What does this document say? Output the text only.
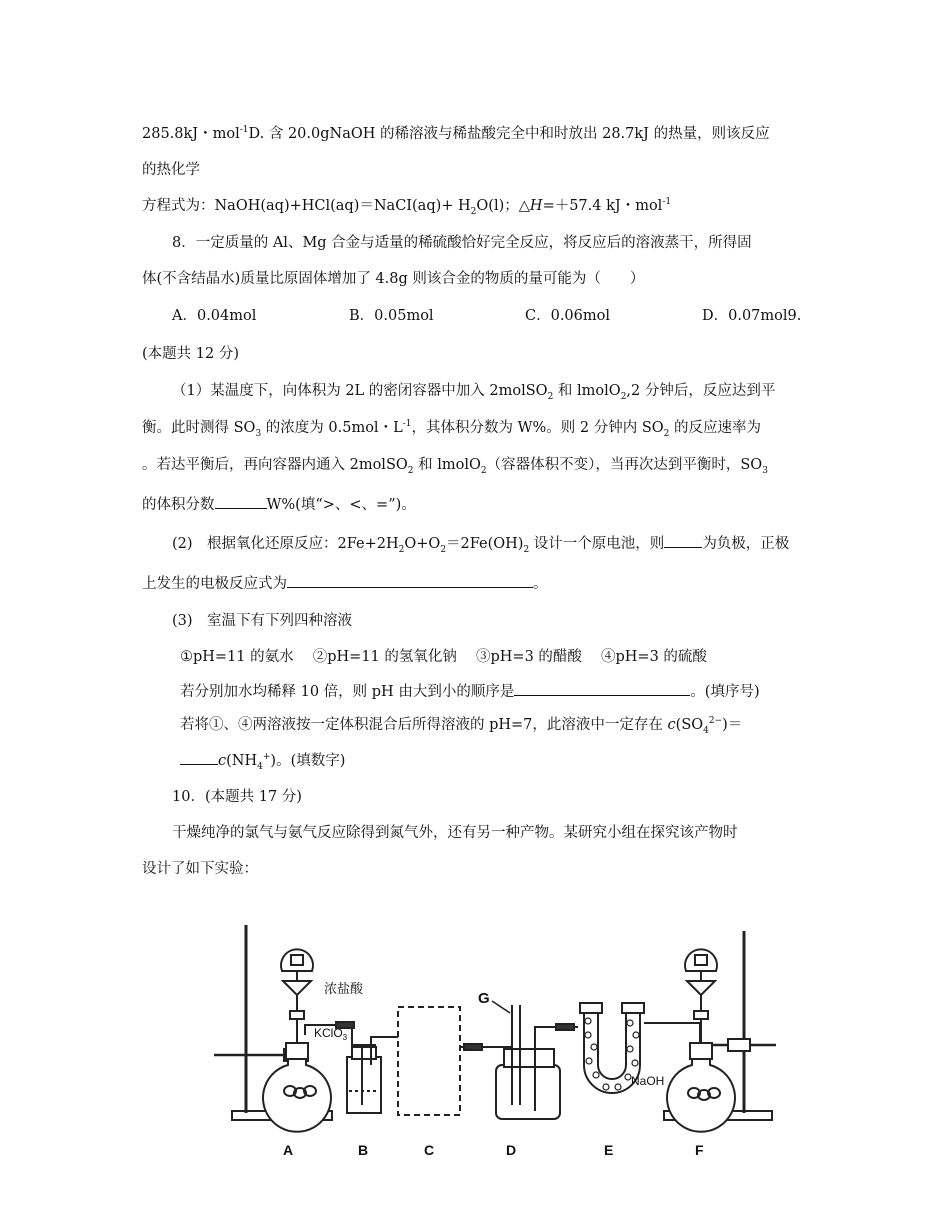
285.8kJ・mol$^{-1}$D. 含 20.0gNaOH 的稀溶液与稀盐酸完全中和时放出 28.7kJ 的热量，则该反应
的热化学
方程式为：NaOH(aq)+HCl(aq)＝NaCI(aq)+ $H_2O(l)$；△H=＋57.4 kJ・mol$^{-1}$
8．一定质量的 Al、Mg 合金与适量的稀硫酸恰好完全反应，将反应后的溶液蒸干，所得固
体(不含结晶水)质量比原固体增加了 4.8g 则该合金的物质的量可能为（　　）
A．0.04mol	B．0.05mol	C．0.06mol	D．0.07mol9.
(本题共 12 分)
（1）某温度下，向体积为 2L 的密闭容器中加入 2molSO$_2$ 和 lmolO$_2$,2 分钟后，反应达到平
衡。此时测得 $SO_3$ 的浓度为 0.5mol・$L^{-1}$，其体积分数为 W%。则 2 分钟内 $SO_2$ 的反应速率为
。若达平衡后，再向容器内通入 2molSO$_2$ 和 lmolO$_2$（容器体积不变），当再次达到平衡时，$SO_3$
的体积分数	W%(填“>、<、=”)。
(2)　根据氧化还原反应：$2Fe+2H_2O+O_2=2Fe(OH)_2$ 设计一个原电池，则	为负极，正极
上发生的电极反应式为	。
(3)　室温下有下列四种溶液
①pH=11 的氨水　 ②pH=11 的氢氧化钠　 ③pH=3 的醋酸　 ④pH=3 的硫酸
若分别加水均稀释 10 倍，则 pH 由大到小的顺序是	。(填序号)
若将①、④两溶液按一定体积混合后所得溶液的 pH=7，此溶液中一定存在 $c(SO_4^{2-})=$
$c(NH_4^+)$。(填数字)
10．(本题共 17 分)
干燥纯净的氯气与氨气反应除得到氮气外，还有另一种产物。某研究小组在探究该产物时
设计了如下实验：
浓盐酸
KClO$_3$
G
NaOH
A	B	C	D	E	F
